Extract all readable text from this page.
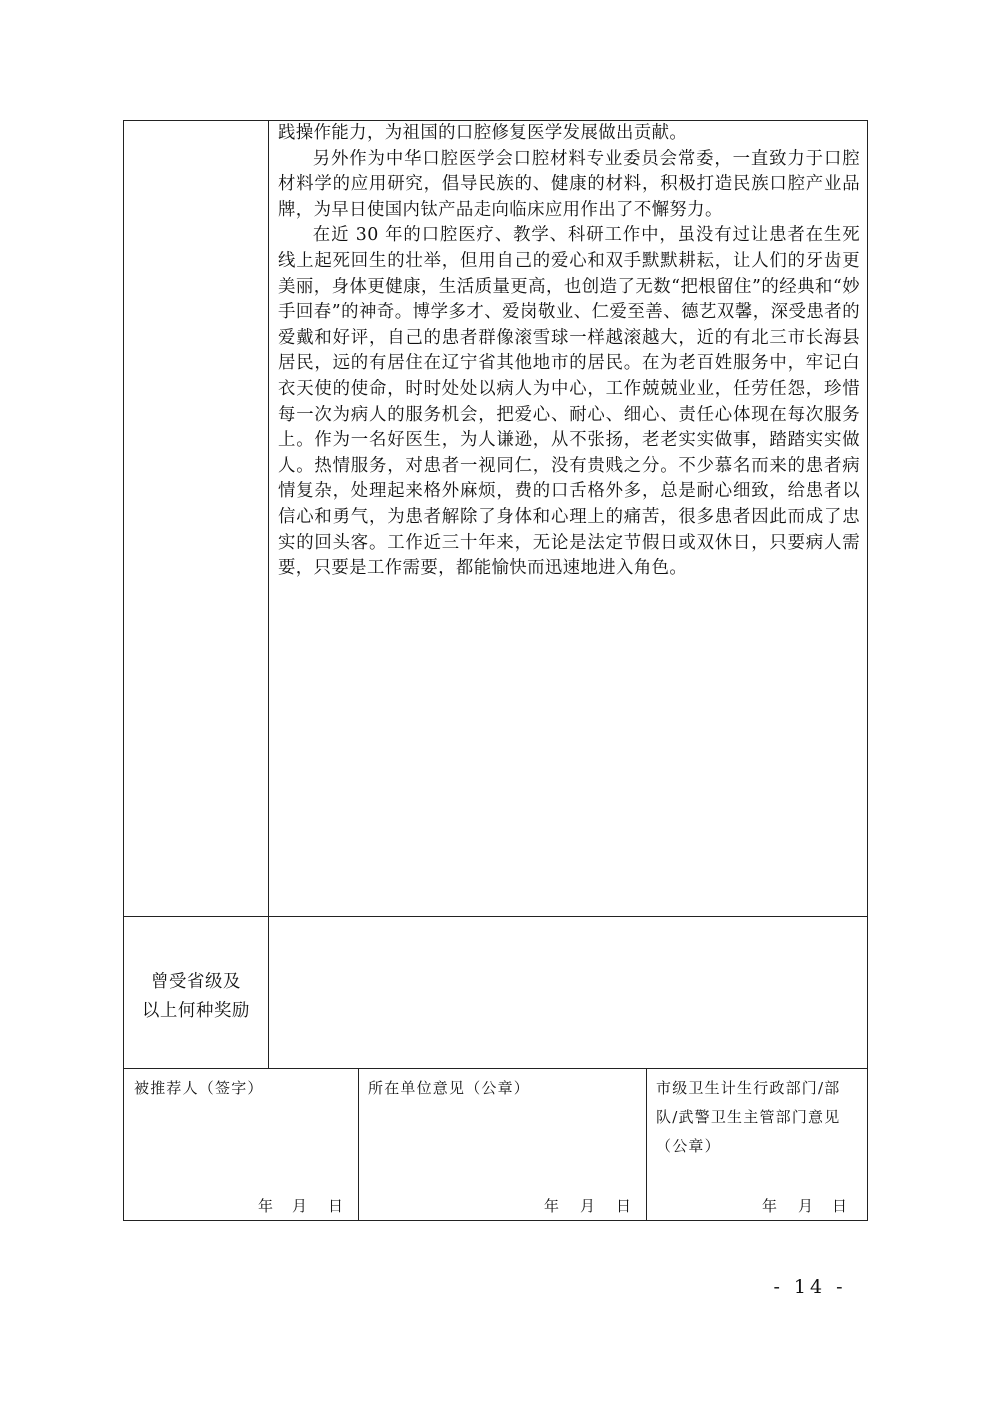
践操作能力，为祖国的口腔修复医学发展做出贡献。

另外作为中华口腔医学会口腔材料专业委员会常委，一直致力于口腔材料学的应用研究，倡导民族的、健康的材料，积极打造民族口腔产业品牌，为早日使国内钛产品走向临床应用作出了不懈努力。

在近 30 年的口腔医疗、教学、科研工作中，虽没有过让患者在生死线上起死回生的壮举，但用自己的爱心和双手默默耕耘，让人们的牙齿更美丽，身体更健康，生活质量更高，也创造了无数“把根留住”的经典和“妙手回春”的神奇。博学多才、爱岗敬业、仁爱至善、德艺双馨，深受患者的爱戴和好评，自己的患者群像滚雪球一样越滚越大，近的有北三市长海县居民，远的有居住在辽宁省其他地市的居民。在为老百姓服务中，牢记白衣天使的使命，时时处处以病人为中心，工作兢兢业业，任劳任怨，珍惜每一次为病人的服务机会，把爱心、耐心、细心、责任心体现在每次服务上。作为一名好医生，为人谦逊，从不张扬，老老实实做事，踏踏实实做人。热情服务，对患者一视同仁，没有贵贱之分。不少慕名而来的患者病情复杂，处理起来格外麻烦，费的口舌格外多，总是耐心细致，给患者以信心和勇气，为患者解除了身体和心理上的痛苦，很多患者因此而成了忠实的回头客。工作近三十年来，无论是法定节假日或双休日，只要病人需要，只要是工作需要，都能愉快而迅速地进入角色。

曾受省级及
以上何种奖励
被推荐人（签字）
年 月 日
所在单位意见（公章）
年 月 日
市级卫生计生行政部门/部
队/武警卫生主管部门意见
（公章）
年 月 日
- 14 -
